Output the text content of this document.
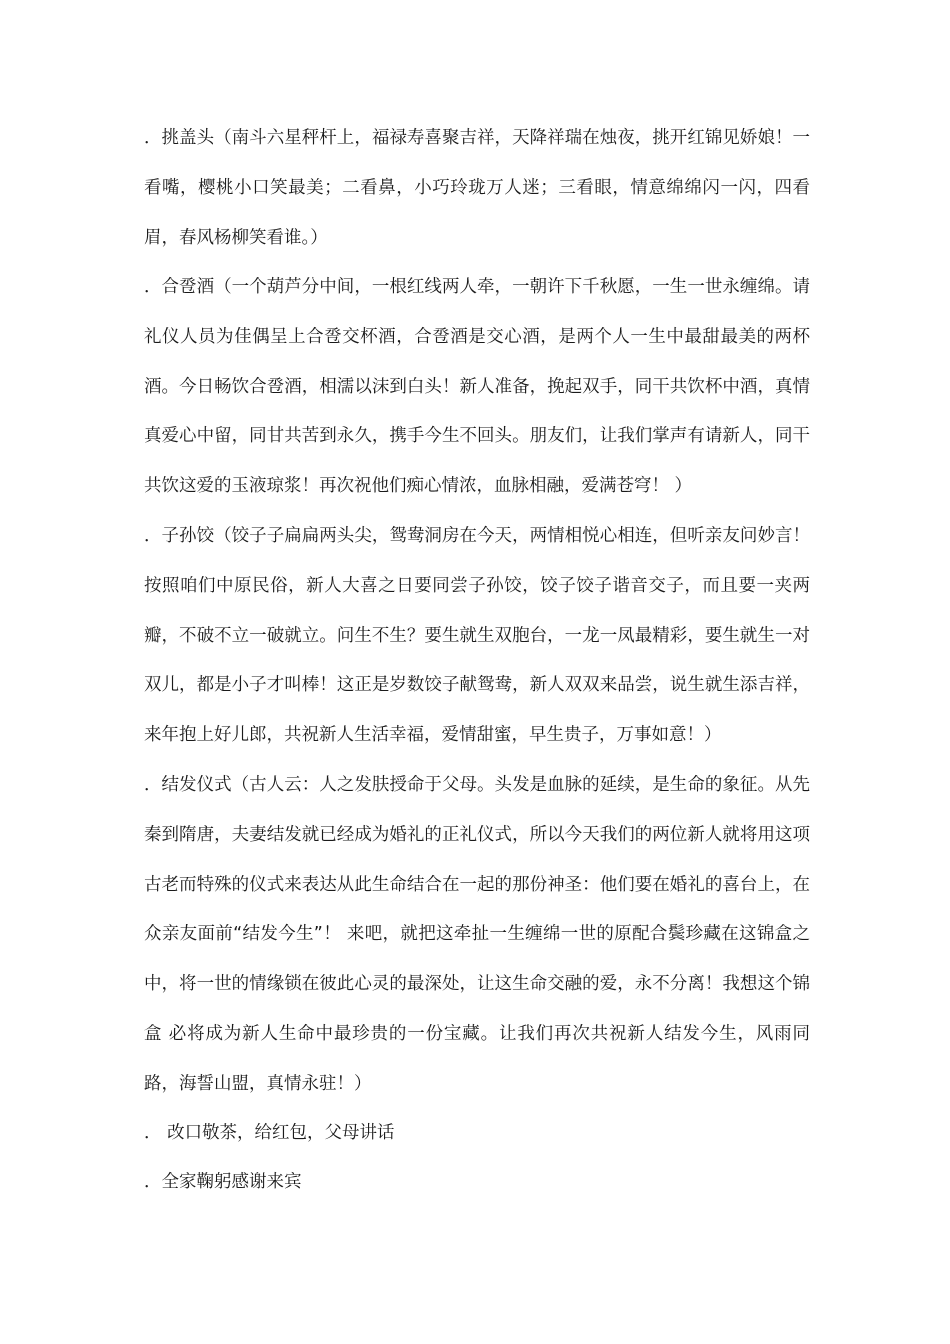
．挑盖头（南斗六星秤杆上，福禄寿喜聚吉祥，天降祥瑞在烛夜，挑开红锦见娇娘！一看嘴，樱桃小口笑最美；二看鼻，小巧玲珑万人迷；三看眼，情意绵绵闪一闪，四看眉，春风杨柳笑看谁。）

．合卺酒（一个葫芦分中间，一根红线两人牵，一朝许下千秋愿，一生一世永缠绵。请礼仪人员为佳偶呈上合卺交杯酒，合卺酒是交心酒，是两个人一生中最甜最美的两杯酒。今日畅饮合卺酒，相濡以沫到白头！新人准备，挽起双手，同干共饮杯中酒，真情真爱心中留，同甘共苦到永久，携手今生不回头。朋友们，让我们掌声有请新人，同干共饮这爱的玉液琼浆！再次祝他们痴心情浓，血脉相融，爱满苍穹！ ）

．子孙饺（饺子子扁扁两头尖，鸳鸯洞房在今天，两情相悦心相连，但听亲友问妙言！按照咱们中原民俗，新人大喜之日要同尝子孙饺，饺子饺子谐音交子，而且要一夹两瓣，不破不立一破就立。问生不生？要生就生双胞台，一龙一凤最精彩，要生就生一对双儿，都是小子才叫棒！这正是岁数饺子献鸳鸯，新人双双来品尝，说生就生添吉祥，来年抱上好儿郎，共祝新人生活幸福，爱情甜蜜，早生贵子，万事如意！）

．结发仪式（古人云：人之发肤授命于父母。头发是血脉的延续，是生命的象征。从先秦到隋唐，夫妻结发就已经成为婚礼的正礼仪式，所以今天我们的两位新人就将用这项古老而特殊的仪式来表达从此生命结合在一起的那份神圣：他们要在婚礼的喜台上，在众亲友面前“结发今生”！ 来吧，就把这牵扯一生缠绵一世的原配合鬓珍藏在这锦盒之中，将一世的情缘锁在彼此心灵的最深处，让这生命交融的爱，永不分离！我想这个锦盒 必将成为新人生命中最珍贵的一份宝藏。让我们再次共祝新人结发今生，风雨同路，海誓山盟，真情永驻！）

． 改口敬茶，给红包，父母讲话

．全家鞠躬感谢来宾
